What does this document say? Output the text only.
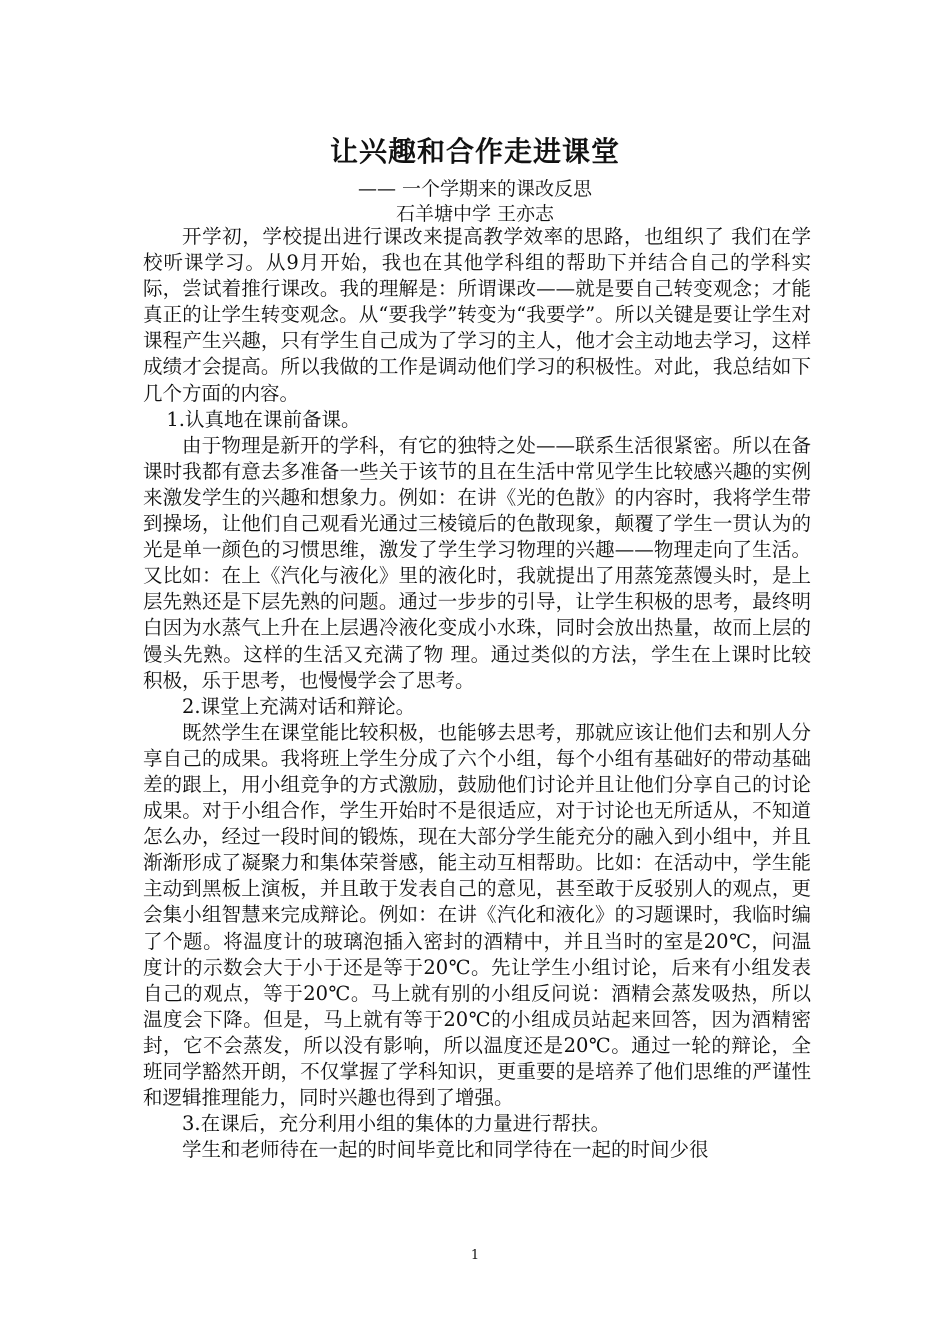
让兴趣和合作走进课堂
—— 一个学期来的课改反思
石羊塘中学 王亦志

开学初，学校提出进行课改来提高教学效率的思路，也组织了 我们在学校听课学习。从9月开始，我也在其他学科组的帮助下并结合自己的学科实际，尝试着推行课改。我的理解是：所谓课改——就是要自己转变观念；才能真正的让学生转变观念。从“要我学”转变为“我要学”。所以关键是要让学生对课程产生兴趣，只有学生自己成为了学习的主人，他才会主动地去学习，这样成绩才会提高。所以我做的工作是调动他们学习的积极性。对此，我总结如下几个方面的内容。

1.认真地在课前备课。

由于物理是新开的学科，有它的独特之处——联系生活很紧密。所以在备课时我都有意去多准备一些关于该节的且在生活中常见学生比较感兴趣的实例来激发学生的兴趣和想象力。例如：在讲《光的色散》的内容时，我将学生带到操场，让他们自己观看光通过三棱镜后的色散现象，颠覆了学生一贯认为的光是单一颜色的习惯思维，激发了学生学习物理的兴趣——物理走向了生活。又比如：在上《汽化与液化》里的液化时，我就提出了用蒸笼蒸馒头时，是上层先熟还是下层先熟的问题。通过一步步的引导，让学生积极的思考，最终明白因为水蒸气上升在上层遇冷液化变成小水珠，同时会放出热量，故而上层的馒头先熟。这样的生活又充满了物 理。通过类似的方法，学生在上课时比较积极，乐于思考，也慢慢学会了思考。

2.课堂上充满对话和辩论。

既然学生在课堂能比较积极，也能够去思考，那就应该让他们去和别人分享自己的成果。我将班上学生分成了六个小组，每个小组有基础好的带动基础差的跟上，用小组竞争的方式激励，鼓励他们讨论并且让他们分享自己的讨论成果。对于小组合作，学生开始时不是很适应，对于讨论也无所适从，不知道怎么办，经过一段时间的锻炼，现在大部分学生能充分的融入到小组中，并且渐渐形成了凝聚力和集体荣誉感，能主动互相帮助。比如：在活动中，学生能主动到黑板上演板，并且敢于发表自己的意见，甚至敢于反驳别人的观点，更会集小组智慧来完成辩论。例如：在讲《汽化和液化》的习题课时，我临时编了个题。将温度计的玻璃泡插入密封的酒精中，并且当时的室是20℃，问温度计的示数会大于小于还是等于20℃。先让学生小组讨论，后来有小组发表自己的观点，等于20℃。马上就有别的小组反问说：酒精会蒸发吸热，所以温度会下降。但是，马上就有等于20℃的小组成员站起来回答，因为酒精密封，它不会蒸发，所以没有影响，所以温度还是20℃。通过一轮的辩论，全班同学豁然开朗，不仅掌握了学科知识，更重要的是培养了他们思维的严谨性和逻辑推理能力，同时兴趣也得到了增强。

3.在课后，充分利用小组的集体的力量进行帮扶。

学生和老师待在一起的时间毕竟比和同学待在一起的时间少很

1
